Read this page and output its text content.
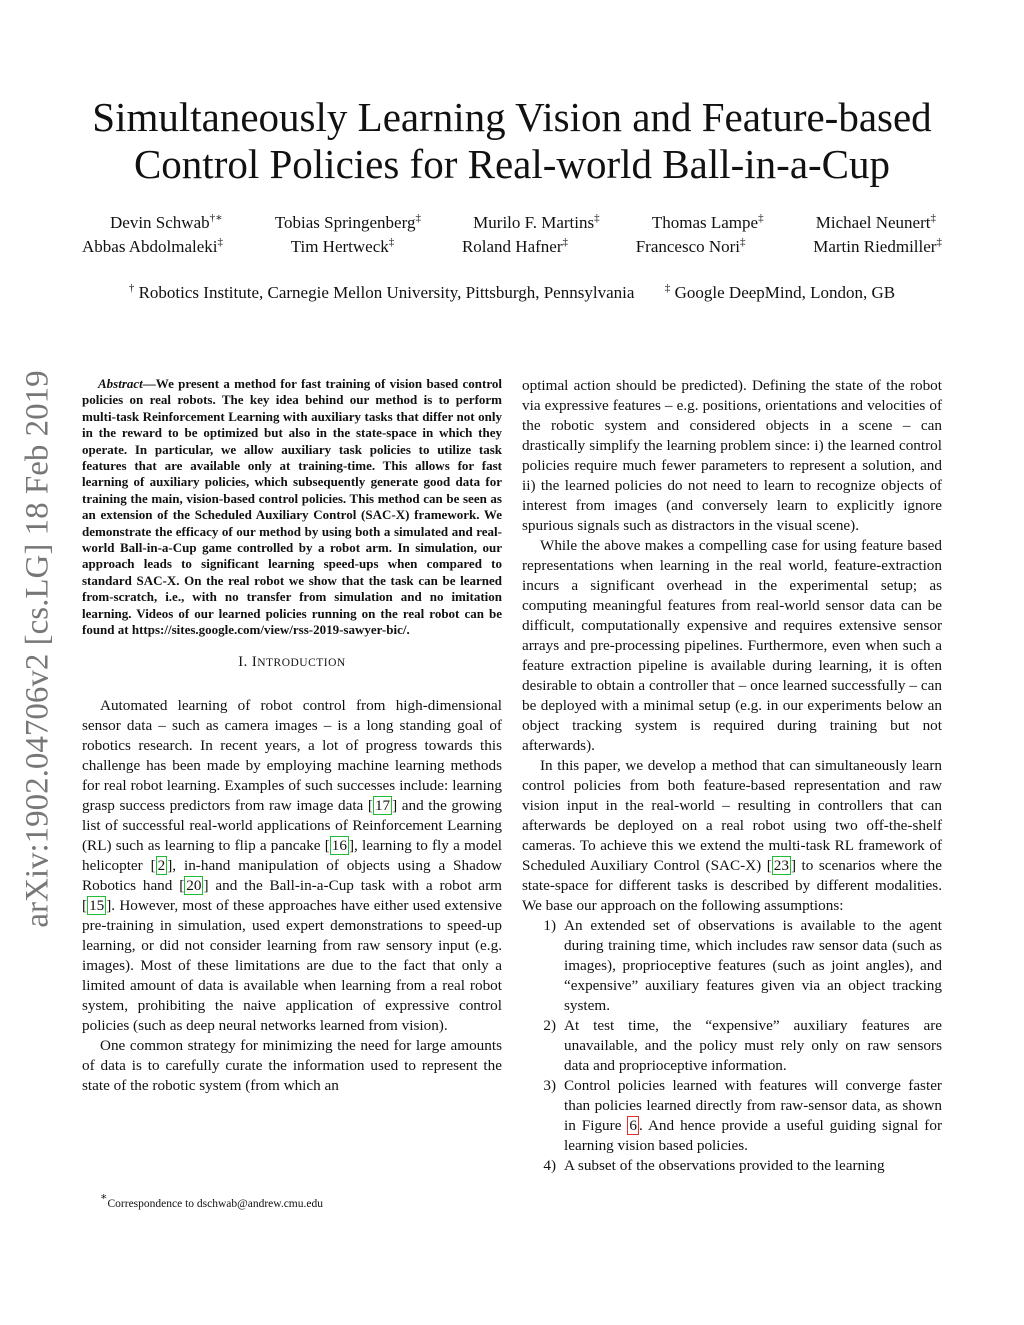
Simultaneously Learning Vision and Feature-based Control Policies for Real-world Ball-in-a-Cup
Devin Schwab†∗	Tobias Springenberg‡	Murilo F. Martins‡	Thomas Lampe‡	Michael Neunert‡
Abbas Abdolmaleki‡	Tim Hertweck‡	Roland Hafner‡	Francesco Nori‡	Martin Riedmiller‡
† Robotics Institute, Carnegie Mellon University, Pittsburgh, Pennsylvania	‡ Google DeepMind, London, GB
arXiv:1902.04706v2 [cs.LG] 18 Feb 2019	Abstract—We present a method for fast training of vision based control policies on real robots. The key idea behind our method is to perform multi-task Reinforcement Learning with auxiliary tasks that differ not only in the reward to be optimized but also in the state-space in which they operate. In particular, we allow auxiliary task policies to utilize task features that are available only at training-time. This allows for fast learning of auxiliary policies, which subsequently generate good data for training the main, vision-based control policies. This method can be seen as an extension of the Scheduled Auxiliary Control (SAC-X) framework. We demonstrate the efficacy of our method by using both a simulated and real-world Ball-in-a-Cup game controlled by a robot arm. In simulation, our approach leads to significant learning speed-ups when compared to standard SAC-X. On the real robot we show that the task can be learned from-scratch, i.e., with no transfer from simulation and no imitation learning. Videos of our learned policies running on the real robot can be found at https://sites.google.com/view/rss-2019-sawyer-bic/.

I. INTRODUCTION

Automated learning of robot control from high-dimensional sensor data – such as camera images – is a long standing goal of robotics research. In recent years, a lot of progress towards this challenge has been made by employing machine learning methods for real robot learning. Examples of such successes include: learning grasp success predictors from raw image data [ 17 ] and the growing list of successful real-world applications of Reinforcement Learning (RL) such as learning to flip a pancake [ 16 ], learning to fly a model helicopter [ 2 ], in-hand manipulation of objects using a Shadow Robotics hand [ 20 ] and the Ball-in-a-Cup task with a robot arm [ 15 ]. However, most of these approaches have either used extensive pre-training in simulation, used expert demonstrations to speed-up learning, or did not consider learning from raw sensory input (e.g. images). Most of these limitations are due to the fact that only a limited amount of data is available when learning from a real robot system, prohibiting the naive application of expressive control policies (such as deep neural networks learned from vision).

One common strategy for minimizing the need for large amounts of data is to carefully curate the information used to represent the state of the robotic system (from which an

∗Correspondence to dschwab@andrew.cmu.edu

optimal action should be predicted). Defining the state of the robot via expressive features – e.g. positions, orientations and velocities of the robotic system and considered objects in a scene – can drastically simplify the learning problem since: i) the learned control policies require much fewer parameters to represent a solution, and ii) the learned policies do not need to learn to recognize objects of interest from images (and conversely learn to explicitly ignore spurious signals such as distractors in the visual scene).

While the above makes a compelling case for using feature based representations when learning in the real world, feature-extraction incurs a significant overhead in the experimental setup; as computing meaningful features from real-world sensor data can be difficult, computationally expensive and requires extensive sensor arrays and pre-processing pipelines. Furthermore, even when such a feature extraction pipeline is available during learning, it is often desirable to obtain a controller that – once learned successfully – can be deployed with a minimal setup (e.g. in our experiments below an object tracking system is required during training but not afterwards).

In this paper, we develop a method that can simultaneously learn control policies from both feature-based representation and raw vision input in the real-world – resulting in controllers that can afterwards be deployed on a real robot using two off-the-shelf cameras. To achieve this we extend the multi-task RL framework of Scheduled Auxiliary Control (SAC-X) [ 23 ] to scenarios where the state-space for different tasks is described by different modalities. We base our approach on the following assumptions:

1) An extended set of observations is available to the agent during training time, which includes raw sensor data (such as images), proprioceptive features (such as joint angles), and “expensive” auxiliary features given via an object tracking system.
2) At test time, the “expensive” auxiliary features are unavailable, and the policy must rely only on raw sensors data and proprioceptive information.
3) Control policies learned with features will converge faster than policies learned directly from raw-sensor data, as shown in Figure 6 . And hence provide a useful guiding signal for learning vision based policies.
4) A subset of the observations provided to the learning
